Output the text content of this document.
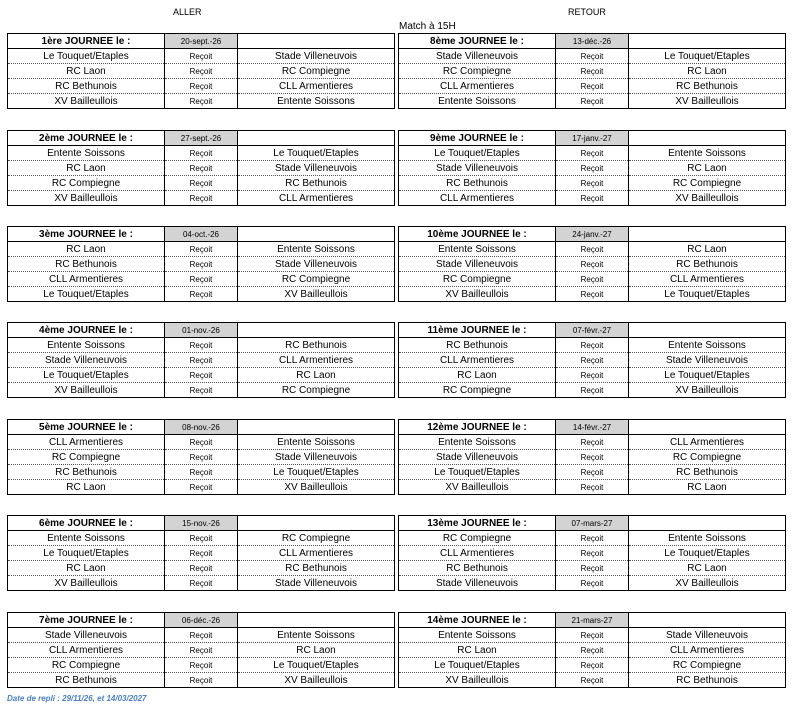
ALLER	RETOUR
Match à 15H
1ère JOURNEE le :	20-sept.-26	
Le Touquet/Etaples	Reçoit	Stade Villeneuvois
RC Laon	Reçoit	RC Compiegne
RC Bethunois	Reçoit	CLL Armentieres
XV Bailleullois	Reçoit	Entente Soissons
2ème JOURNEE le :	27-sept.-26	
Entente Soissons	Reçoit	Le Touquet/Etaples
RC Laon	Reçoit	Stade Villeneuvois
RC Compiegne	Reçoit	RC Bethunois
XV Bailleullois	Reçoit	CLL Armentieres
3ème JOURNEE le :	04-oct.-26	
RC Laon	Reçoit	Entente Soissons
RC Bethunois	Reçoit	Stade Villeneuvois
CLL Armentieres	Reçoit	RC Compiegne
Le Touquet/Etaples	Reçoit	XV Bailleullois
4ème JOURNEE le :	01-nov.-26	
Entente Soissons	Reçoit	RC Bethunois
Stade Villeneuvois	Reçoit	CLL Armentieres
Le Touquet/Etaples	Reçoit	RC Laon
XV Bailleullois	Reçoit	RC Compiegne
5ème JOURNEE le :	08-nov.-26	
CLL Armentieres	Reçoit	Entente Soissons
RC Compiegne	Reçoit	Stade Villeneuvois
RC Bethunois	Reçoit	Le Touquet/Etaples
RC Laon	Reçoit	XV Bailleullois
6ème JOURNEE le :	15-nov.-26	
Entente Soissons	Reçoit	RC Compiegne
Le Touquet/Etaples	Reçoit	CLL Armentieres
RC Laon	Reçoit	RC Bethunois
XV Bailleullois	Reçoit	Stade Villeneuvois
7ème JOURNEE le :	06-déc.-26	
Stade Villeneuvois	Reçoit	Entente Soissons
CLL Armentieres	Reçoit	RC Laon
RC Compiegne	Reçoit	Le Touquet/Etaples
RC Bethunois	Reçoit	XV Bailleullois
8ème JOURNEE le :	13-déc.-26	
Stade Villeneuvois	Reçoit	Le Touquet/Etaples
RC Compiegne	Reçoit	RC Laon
CLL Armentieres	Reçoit	RC Bethunois
Entente Soissons	Reçoit	XV Bailleullois
9ème JOURNEE le :	17-janv.-27	
Le Touquet/Etaples	Reçoit	Entente Soissons
Stade Villeneuvois	Reçoit	RC Laon
RC Bethunois	Reçoit	RC Compiegne
CLL Armentieres	Reçoit	XV Bailleullois
10ème JOURNEE le :	24-janv.-27	
Entente Soissons	Reçoit	RC Laon
Stade Villeneuvois	Reçoit	RC Bethunois
RC Compiegne	Reçoit	CLL Armentieres
XV Bailleullois	Reçoit	Le Touquet/Etaples
11ème JOURNEE le :	07-févr.-27	
RC Bethunois	Reçoit	Entente Soissons
CLL Armentieres	Reçoit	Stade Villeneuvois
RC Laon	Reçoit	Le Touquet/Etaples
RC Compiegne	Reçoit	XV Bailleullois
12ème JOURNEE le :	14-févr.-27	
Entente Soissons	Reçoit	CLL Armentieres
Stade Villeneuvois	Reçoit	RC Compiegne
Le Touquet/Etaples	Reçoit	RC Bethunois
XV Bailleullois	Reçoit	RC Laon
13ème JOURNEE le :	07-mars-27	
RC Compiegne	Reçoit	Entente Soissons
CLL Armentieres	Reçoit	Le Touquet/Etaples
RC Bethunois	Reçoit	RC Laon
Stade Villeneuvois	Reçoit	XV Bailleullois
14ème JOURNEE le :	21-mars-27	
Entente Soissons	Reçoit	Stade Villeneuvois
RC Laon	Reçoit	CLL Armentieres
Le Touquet/Etaples	Reçoit	RC Compiegne
XV Bailleullois	Reçoit	RC Bethunois
Date de repli : 29/11/26, et 14/03/2027
